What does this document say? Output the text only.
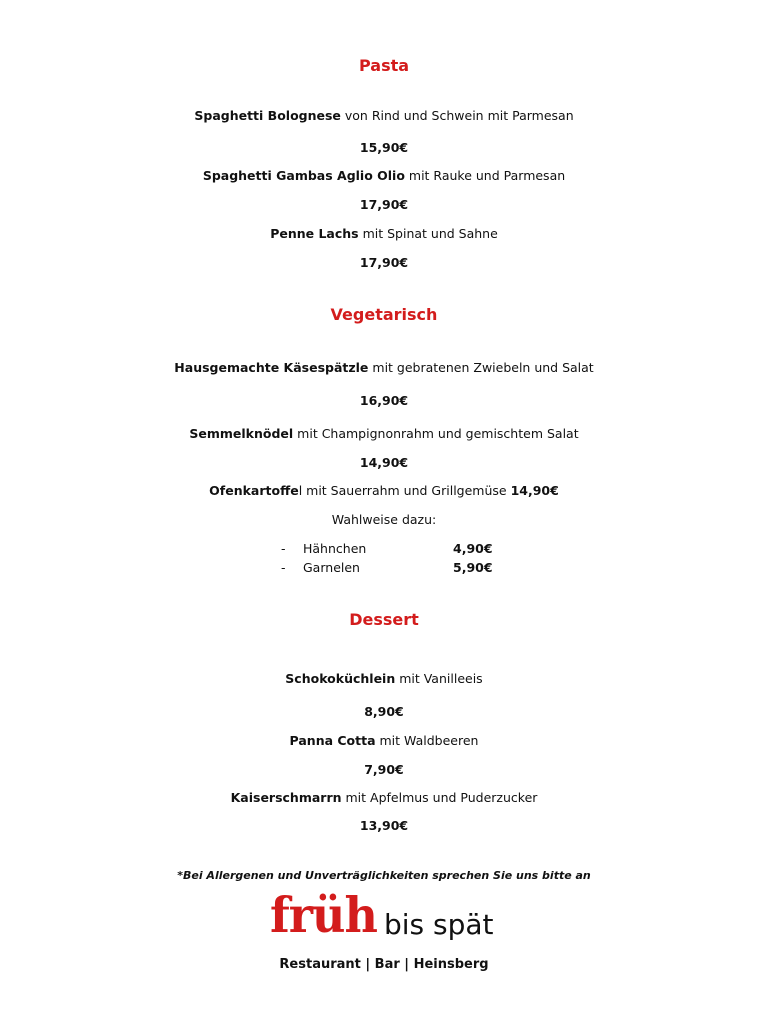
Pasta
Spaghetti Bolognese von Rind und Schwein mit Parmesan
15,90€
Spaghetti Gambas Aglio Olio mit Rauke und Parmesan
17,90€
Penne Lachs mit Spinat und Sahne
17,90€
Vegetarisch
Hausgemachte Käsespätzle mit gebratenen Zwiebeln und Salat
16,90€
Semmelknödel mit Champignonrahm und gemischtem Salat
14,90€
Ofenkartoffel mit Sauerrahm und Grillgemüse 14,90€
Wahlweise dazu:
- Hähnchen	4,90€
- Garnelen	5,90€
Dessert
Schokoküchlein mit Vanilleeis
8,90€
Panna Cotta mit Waldbeeren
7,90€
Kaiserschmarrn mit Apfelmus und Puderzucker
13,90€
*Bei Allergenen und Unverträglichkeiten sprechen Sie uns bitte an
früh bis spät
Restaurant | Bar | Heinsberg
